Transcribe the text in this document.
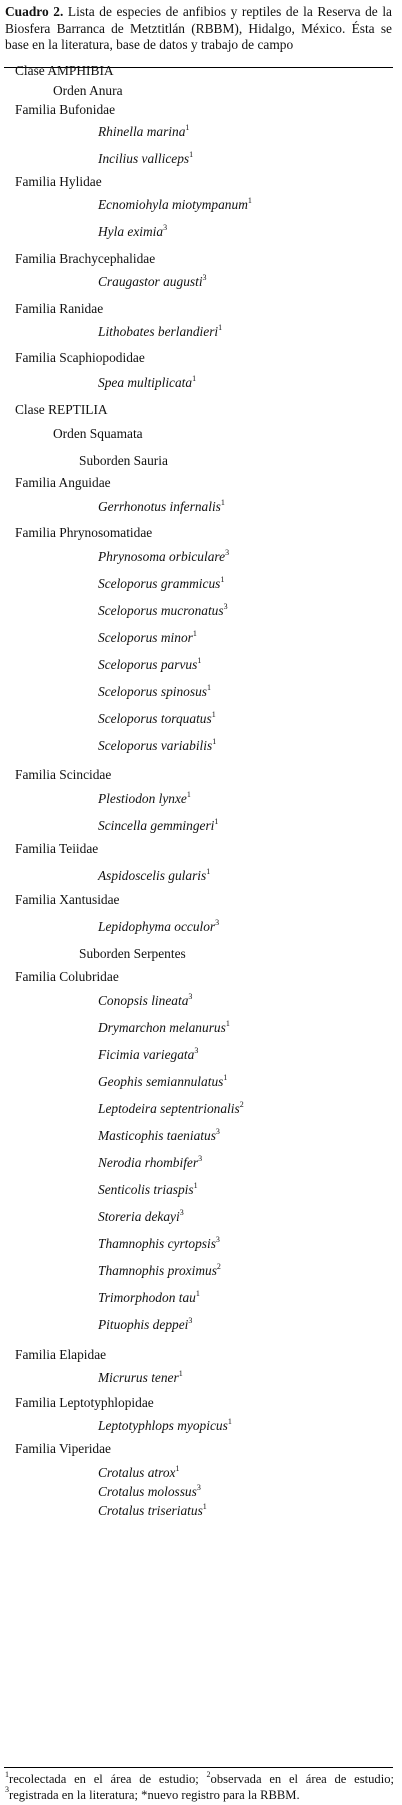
Cuadro 2. Lista de especies de anfibios y reptiles de la Reserva de la Biosfera Barranca de Metztitlán (RBBM), Hidalgo, México. Ésta se base en la literatura, base de datos y trabajo de campo
Clase AMPHIBIA
Orden Anura
Familia Bufonidae
Rhinella marina$^1$
Incilius valliceps$^1$
Familia Hylidae
Ecnomiohyla miotympanum$^1$
Hyla eximia$^3$
Familia Brachycephalidae
Craugastor augusti$^3$
Familia Ranidae
Lithobates berlandieri$^1$
Familia Scaphiopodidae
Spea multiplicata$^1$
Clase REPTILIA
Orden Squamata
Suborden Sauria
Familia Anguidae
Gerrhonotus infernalis$^1$
Familia Phrynosomatidae
Phrynosoma orbiculare$^3$
Sceloporus grammicus$^1$
Sceloporus mucronatus$^3$
Sceloporus minor$^1$
Sceloporus parvus$^1$
Sceloporus spinosus$^1$
Sceloporus torquatus$^1$
Sceloporus variabilis$^1$
Familia Scincidae
Plestiodon lynxe$^1$
Scincella gemmingeri$^1$
Familia Teiidae
Aspidoscelis gularis$^1$
Familia Xantusidae
Lepidophyma occulor$^3$
Suborden Serpentes
Familia Colubridae
Conopsis lineata$^3$
Drymarchon melanurus$^1$
Ficimia variegata$^3$
Geophis semiannulatus$^1$
Leptodeira septentrionalis$^2$
Masticophis taeniatus$^3$
Nerodia rhombifer$^3$
Senticolis triaspis$^1$
Storeria dekayi$^3$
Thamnophis cyrtopsis$^3$
Thamnophis proximus$^2$
Trimorphodon tau$^1$
Pituophis deppei$^3$
Familia Elapidae
Micrurus tener$^1$
Familia Leptotyphlopidae
Leptotyphlops myopicus$^1$
Familia Viperidae
Crotalus atrox$^1$
Crotalus molossus$^3$
Crotalus triseriatus$^1$
$^1$recolectada en el área de estudio; $^2$observada en el área de estudio; $^3$registrada en la literatura; *nuevo registro para la RBBM.
